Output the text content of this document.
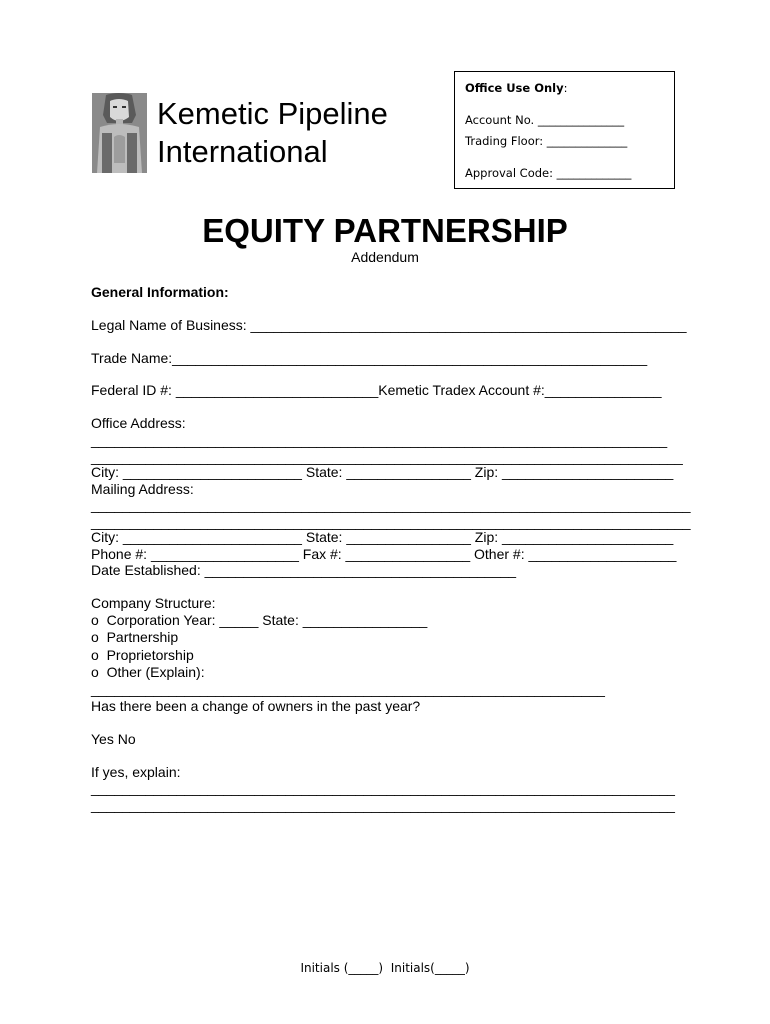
Office Use Only:
Account No. _______________
Trading Floor: ______________
Approval Code: _____________
Kemetic Pipeline
International
EQUITY PARTNERSHIP
Addendum
General Information:
Legal Name of Business: ________________________________________________________
Trade Name:_____________________________________________________________
Federal ID #: __________________________Kemetic Tradex Account #:_______________
Office Address:
__________________________________________________________________________
____________________________________________________________________________
City: _______________________ State: ________________ Zip: ______________________
Mailing Address:
_____________________________________________________________________________
_____________________________________________________________________________
City: _______________________ State: ________________ Zip: ______________________
Phone #: ___________________ Fax #: ________________ Other #: ___________________
Date Established: ________________________________________
Company Structure:
o Corporation Year: _____ State: ________________
o Partnership
o Proprietorship
o Other (Explain):
__________________________________________________________________
Has there been a change of owners in the past year?
Yes No
If yes, explain:
___________________________________________________________________________
___________________________________________________________________________
Initials (_____)  Initials(_____)
